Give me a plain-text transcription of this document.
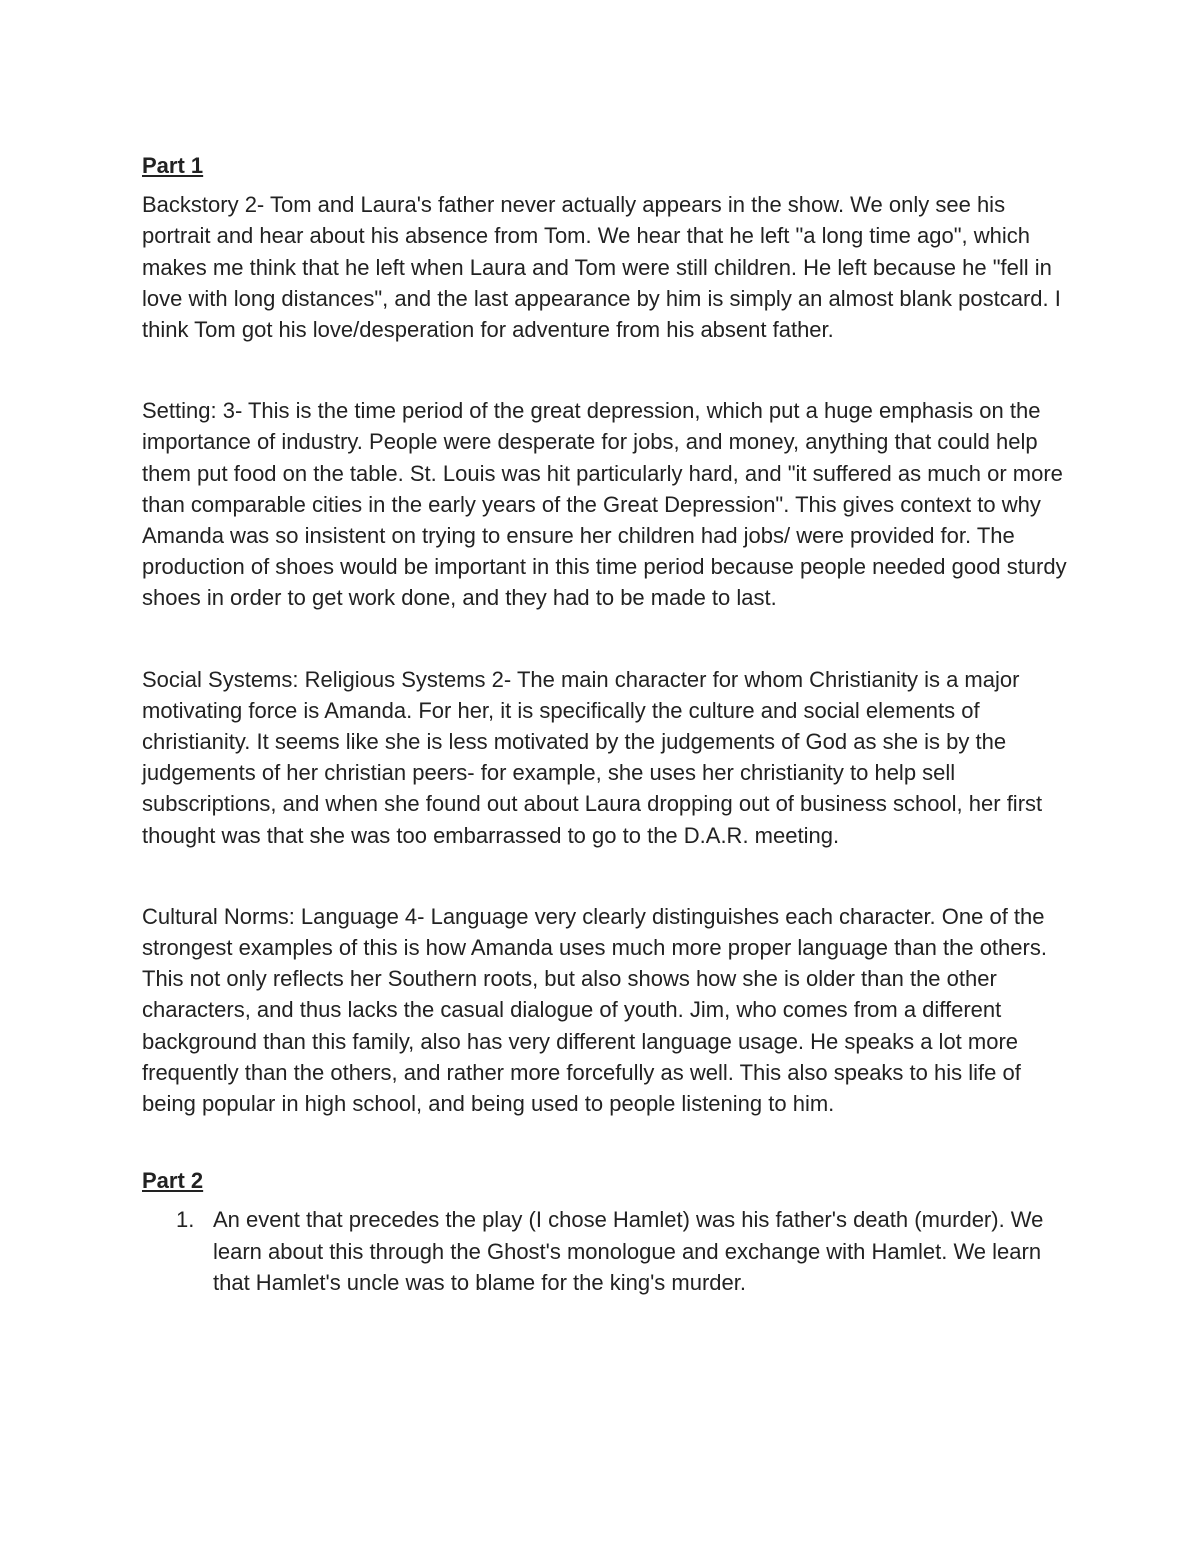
Part 1

Backstory 2- Tom and Laura's father never actually appears in the show. We only see his portrait and hear about his absence from Tom. We hear that he left "a long time ago", which makes me think that he left when Laura and Tom were still children. He left because he "fell in love with long distances", and the last appearance by him is simply an almost blank postcard. I think Tom got his love/desperation for adventure from his absent father.

Setting: 3- This is the time period of the great depression, which put a huge emphasis on the importance of industry. People were desperate for jobs, and money, anything that could help them put food on the table. St. Louis was hit particularly hard, and "it suffered as much or more than comparable cities in the early years of the Great Depression". This gives context to why Amanda was so insistent on trying to ensure her children had jobs/ were provided for. The production of shoes would be important in this time period because people needed good sturdy shoes in order to get work done, and they had to be made to last.

Social Systems: Religious Systems 2- The main character for whom Christianity is a major motivating force is Amanda. For her, it is specifically the culture and social elements of christianity. It seems like she is less motivated by the judgements of God as she is by the judgements of her christian peers- for example, she uses her christianity to help sell subscriptions, and when she found out about Laura dropping out of business school, her first thought was that she was too embarrassed to go to the D.A.R. meeting.

Cultural Norms: Language 4- Language very clearly distinguishes each character. One of the strongest examples of this is how Amanda uses much more proper language than the others. This not only reflects her Southern roots, but also shows how she is older than the other characters, and thus lacks the casual dialogue of youth. Jim, who comes from a different background than this family, also has very different language usage. He speaks a lot more frequently than the others, and rather more forcefully as well. This also speaks to his life of being popular in high school, and being used to people listening to him.

Part 2
1. An event that precedes the play (I chose Hamlet) was his father's death (murder). We learn about this through the Ghost's monologue and exchange with Hamlet. We learn that Hamlet's uncle was to blame for the king's murder.
